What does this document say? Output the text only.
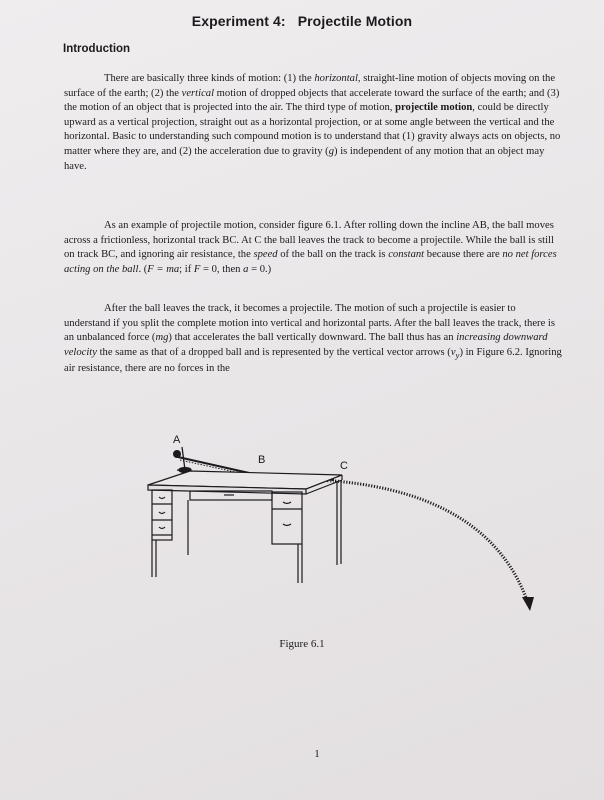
Experiment 4: Projectile Motion
Introduction
There are basically three kinds of motion: (1) the horizontal, straight-line motion of objects moving on the surface of the earth; (2) the vertical motion of dropped objects that accelerate toward the surface of the earth; and (3) the motion of an object that is projected into the air. The third type of motion, projectile motion, could be directly upward as a vertical projection, straight out as a horizontal projection, or at some angle between the vertical and the horizontal. Basic to understanding such compound motion is to understand that (1) gravity always acts on objects, no matter where they are, and (2) the acceleration due to gravity (g) is independent of any motion that an object may have.
As an example of projectile motion, consider figure 6.1. After rolling down the incline AB, the ball moves across a frictionless, horizontal track BC. At C the ball leaves the track to become a projectile. While the ball is still on track BC, and ignoring air resistance, the speed of the ball on the track is constant because there are no net forces acting on the ball. (F = ma; if F = 0, then a = 0.)
After the ball leaves the track, it becomes a projectile. The motion of such a projectile is easier to understand if you split the complete motion into vertical and horizontal parts. After the ball leaves the track, there is an unbalanced force (mg) that accelerates the ball vertically downward. The ball thus has an increasing downward velocity the same as that of a dropped ball and is represented by the vertical vector arrows $(v_y)$ in Figure 6.2. Ignoring air resistance, there are no forces in the
A
B	C
Figure 6.1
1
